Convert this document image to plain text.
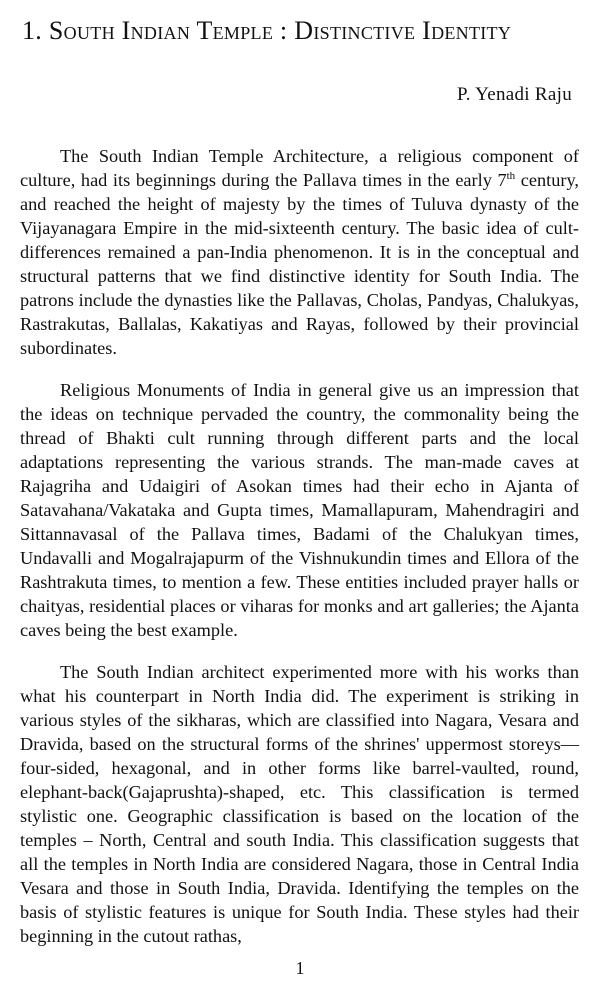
1. South Indian Temple : Distinctive Identity
P. Yenadi Raju

The South Indian Temple Architecture, a religious component of culture, had its beginnings during the Pallava times in the early 7th century, and reached the height of majesty by the times of Tuluva dynasty of the Vijayanagara Empire in the mid-sixteenth century. The basic idea of cult-differences remained a pan-India phenomenon. It is in the conceptual and structural patterns that we find distinctive identity for South India. The patrons include the dynasties like the Pallavas, Cholas, Pandyas, Chalukyas, Rastrakutas, Ballalas, Kakatiyas and Rayas, followed by their provincial subordinates.

Religious Monuments of India in general give us an impression that the ideas on technique pervaded the country, the commonality being the thread of Bhakti cult running through different parts and the local adaptations representing the various strands. The man-made caves at Rajagriha and Udaigiri of Asokan times had their echo in Ajanta of Satavahana/Vakataka and Gupta times, Mamallapuram, Mahendragiri and Sittannavasal of the Pallava times, Badami of the Chalukyan times, Undavalli and Mogalrajapurm of the Vishnukundin times and Ellora of the Rashtrakuta times, to mention a few. These entities included prayer halls or chaityas, residential places or viharas for monks and art galleries; the Ajanta caves being the best example.

The South Indian architect experimented more with his works than what his counterpart in North India did. The experiment is striking in various styles of the sikharas, which are classified into Nagara, Vesara and Dravida, based on the structural forms of the shrines' uppermost storeys—four-sided, hexagonal, and in other forms like barrel-vaulted, round, elephant-back(Gajaprushta)-shaped, etc. This classification is termed stylistic one. Geographic classification is based on the location of the temples – North, Central and south India. This classification suggests that all the temples in North India are considered Nagara, those in Central India Vesara and those in South India, Dravida. Identifying the temples on the basis of stylistic features is unique for South India. These styles had their beginning in the cutout rathas,

1
